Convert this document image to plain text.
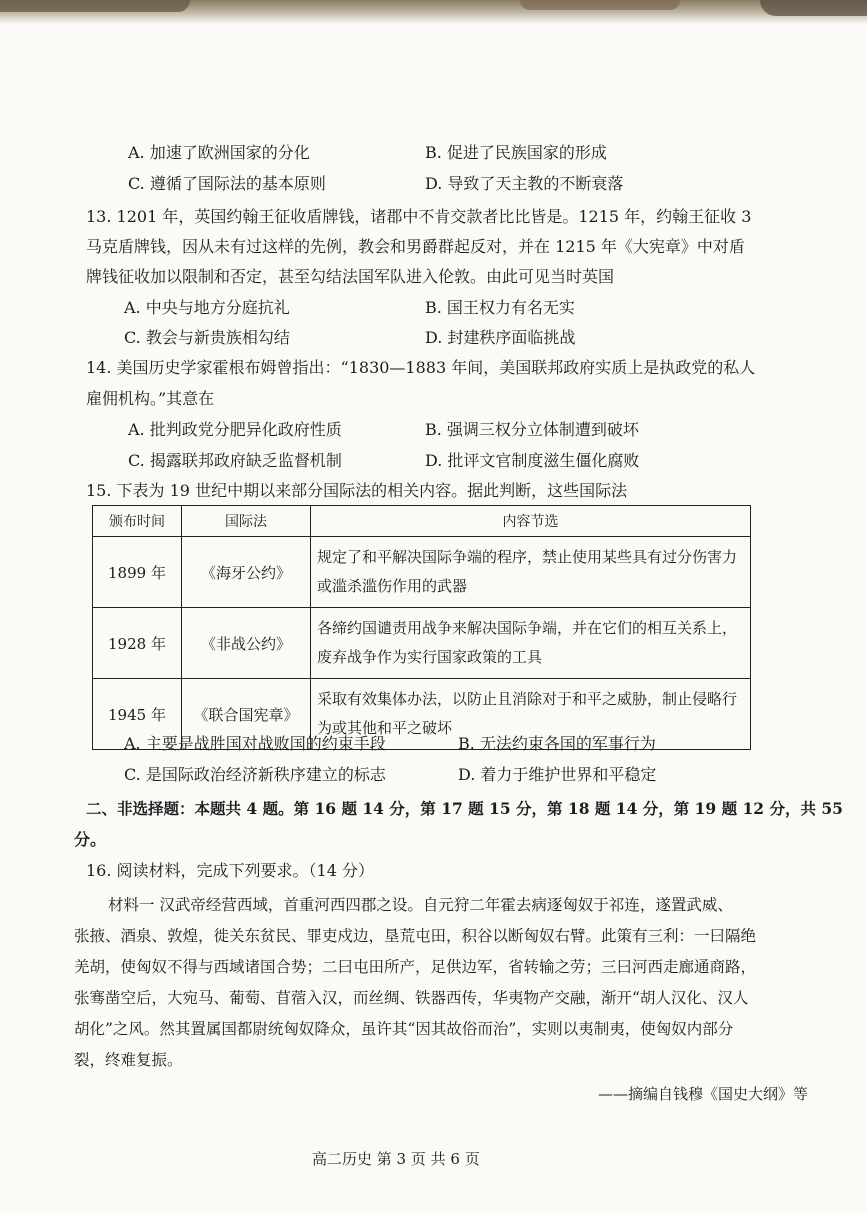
A. 加速了欧洲国家的分化	B. 促进了民族国家的形成
C. 遵循了国际法的基本原则	D. 导致了天主教的不断衰落
13. 1201 年，英国约翰王征收盾牌钱，诸郡中不肯交款者比比皆是。1215 年，约翰王征收 3
马克盾牌钱，因从未有过这样的先例，教会和男爵群起反对，并在 1215 年《大宪章》中对盾
牌钱征收加以限制和否定，甚至勾结法国军队进入伦敦。由此可见当时英国
A. 中央与地方分庭抗礼	B. 国王权力有名无实
C. 教会与新贵族相勾结	D. 封建秩序面临挑战
14. 美国历史学家霍根布姆曾指出：“1830—1883 年间，美国联邦政府实质上是执政党的私人
雇佣机构。”其意在
A. 批判政党分肥异化政府性质	B. 强调三权分立体制遭到破坏
C. 揭露联邦政府缺乏监督机制	D. 批评文官制度滋生僵化腐败
15. 下表为 19 世纪中期以来部分国际法的相关内容。据此判断，这些国际法
颁布时间	国际法	内容节选
1899 年	《海牙公约》	规定了和平解决国际争端的程序，禁止使用某些具有过分伤害力或滥杀滥伤作用的武器
1928 年	《非战公约》	各缔约国谴责用战争来解决国际争端，并在它们的相互关系上，废弃战争作为实行国家政策的工具
1945 年	《联合国宪章》	采取有效集体办法，以防止且消除对于和平之威胁，制止侵略行为或其他和平之破坏
A. 主要是战胜国对战败国的约束手段	B. 无法约束各国的军事行为
C. 是国际政治经济新秩序建立的标志	D. 着力于维护世界和平稳定
二、非选择题：本题共 4 题。第 16 题 14 分，第 17 题 15 分，第 18 题 14 分，第 19 题 12 分，共 55
分。
16. 阅读材料，完成下列要求。（14 分）
材料一 汉武帝经营西域，首重河西四郡之设。自元狩二年霍去病逐匈奴于祁连，遂置武威、
张掖、酒泉、敦煌，徙关东贫民、罪吏戍边，垦荒屯田，积谷以断匈奴右臂。此策有三利：一曰隔绝
羌胡，使匈奴不得与西域诸国合势；二曰屯田所产，足供边军，省转输之劳；三曰河西走廊通商路，
张骞凿空后，大宛马、葡萄、苜蓿入汉，而丝绸、铁器西传，华夷物产交融，渐开“胡人汉化、汉人
胡化”之风。然其置属国都尉统匈奴降众，虽许其“因其故俗而治”，实则以夷制夷，使匈奴内部分
裂，终难复振。
——摘编自钱穆《国史大纲》等
高二历史 第 3 页 共 6 页
